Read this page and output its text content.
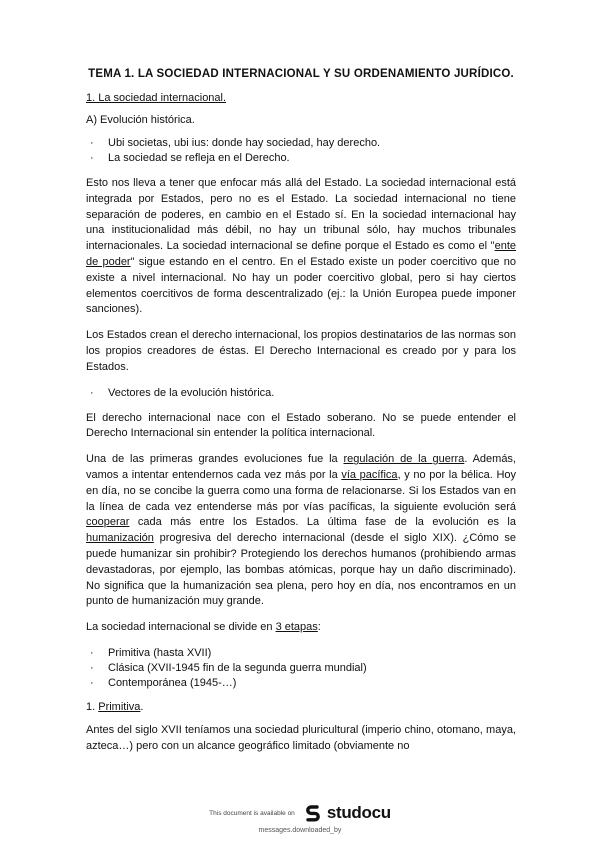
TEMA 1. LA SOCIEDAD INTERNACIONAL Y SU ORDENAMIENTO JURÍDICO.
1. La sociedad internacional.
A) Evolución histórica.
· Ubi societas, ubi ius: donde hay sociedad, hay derecho.
· La sociedad se refleja en el Derecho.

Esto nos lleva a tener que enfocar más allá del Estado. La sociedad internacional está integrada por Estados, pero no es el Estado. La sociedad internacional no tiene separación de poderes, en cambio en el Estado sí. En la sociedad internacional hay una institucionalidad más débil, no hay un tribunal sólo, hay muchos tribunales internacionales. La sociedad internacional se define porque el Estado es como el "ente de poder" sigue estando en el centro. En el Estado existe un poder coercitivo que no existe a nivel internacional. No hay un poder coercitivo global, pero si hay ciertos elementos coercitivos de forma descentralizado (ej.: la Unión Europea puede imponer sanciones).

Los Estados crean el derecho internacional, los propios destinatarios de las normas son los propios creadores de éstas. El Derecho Internacional es creado por y para los Estados.

· Vectores de la evolución histórica.

El derecho internacional nace con el Estado soberano. No se puede entender el Derecho Internacional sin entender la política internacional.

Una de las primeras grandes evoluciones fue la regulación de la guerra. Además, vamos a intentar entendernos cada vez más por la vía pacífica, y no por la bélica. Hoy en día, no se concibe la guerra como una forma de relacionarse. Si los Estados van en la línea de cada vez entenderse más por vías pacíficas, la siguiente evolución será cooperar cada más entre los Estados. La última fase de la evolución es la humanización progresiva del derecho internacional (desde el siglo XIX). ¿Cómo se puede humanizar sin prohibir? Protegiendo los derechos humanos (prohibiendo armas devastadoras, por ejemplo, las bombas atómicas, porque hay un daño discriminado). No significa que la humanización sea plena, pero hoy en día, nos encontramos en un punto de humanización muy grande.

La sociedad internacional se divide en 3 etapas:

· Primitiva (hasta XVII)
· Clásica (XVII-1945 fin de la segunda guerra mundial)
· Contemporánea (1945-…)
1. Primitiva.

Antes del siglo XVII teníamos una sociedad pluricultural (imperio chino, otomano, maya, azteca…) pero con un alcance geográfico limitado (obviamente no

This document is available on studocu
messages.downloaded_by
